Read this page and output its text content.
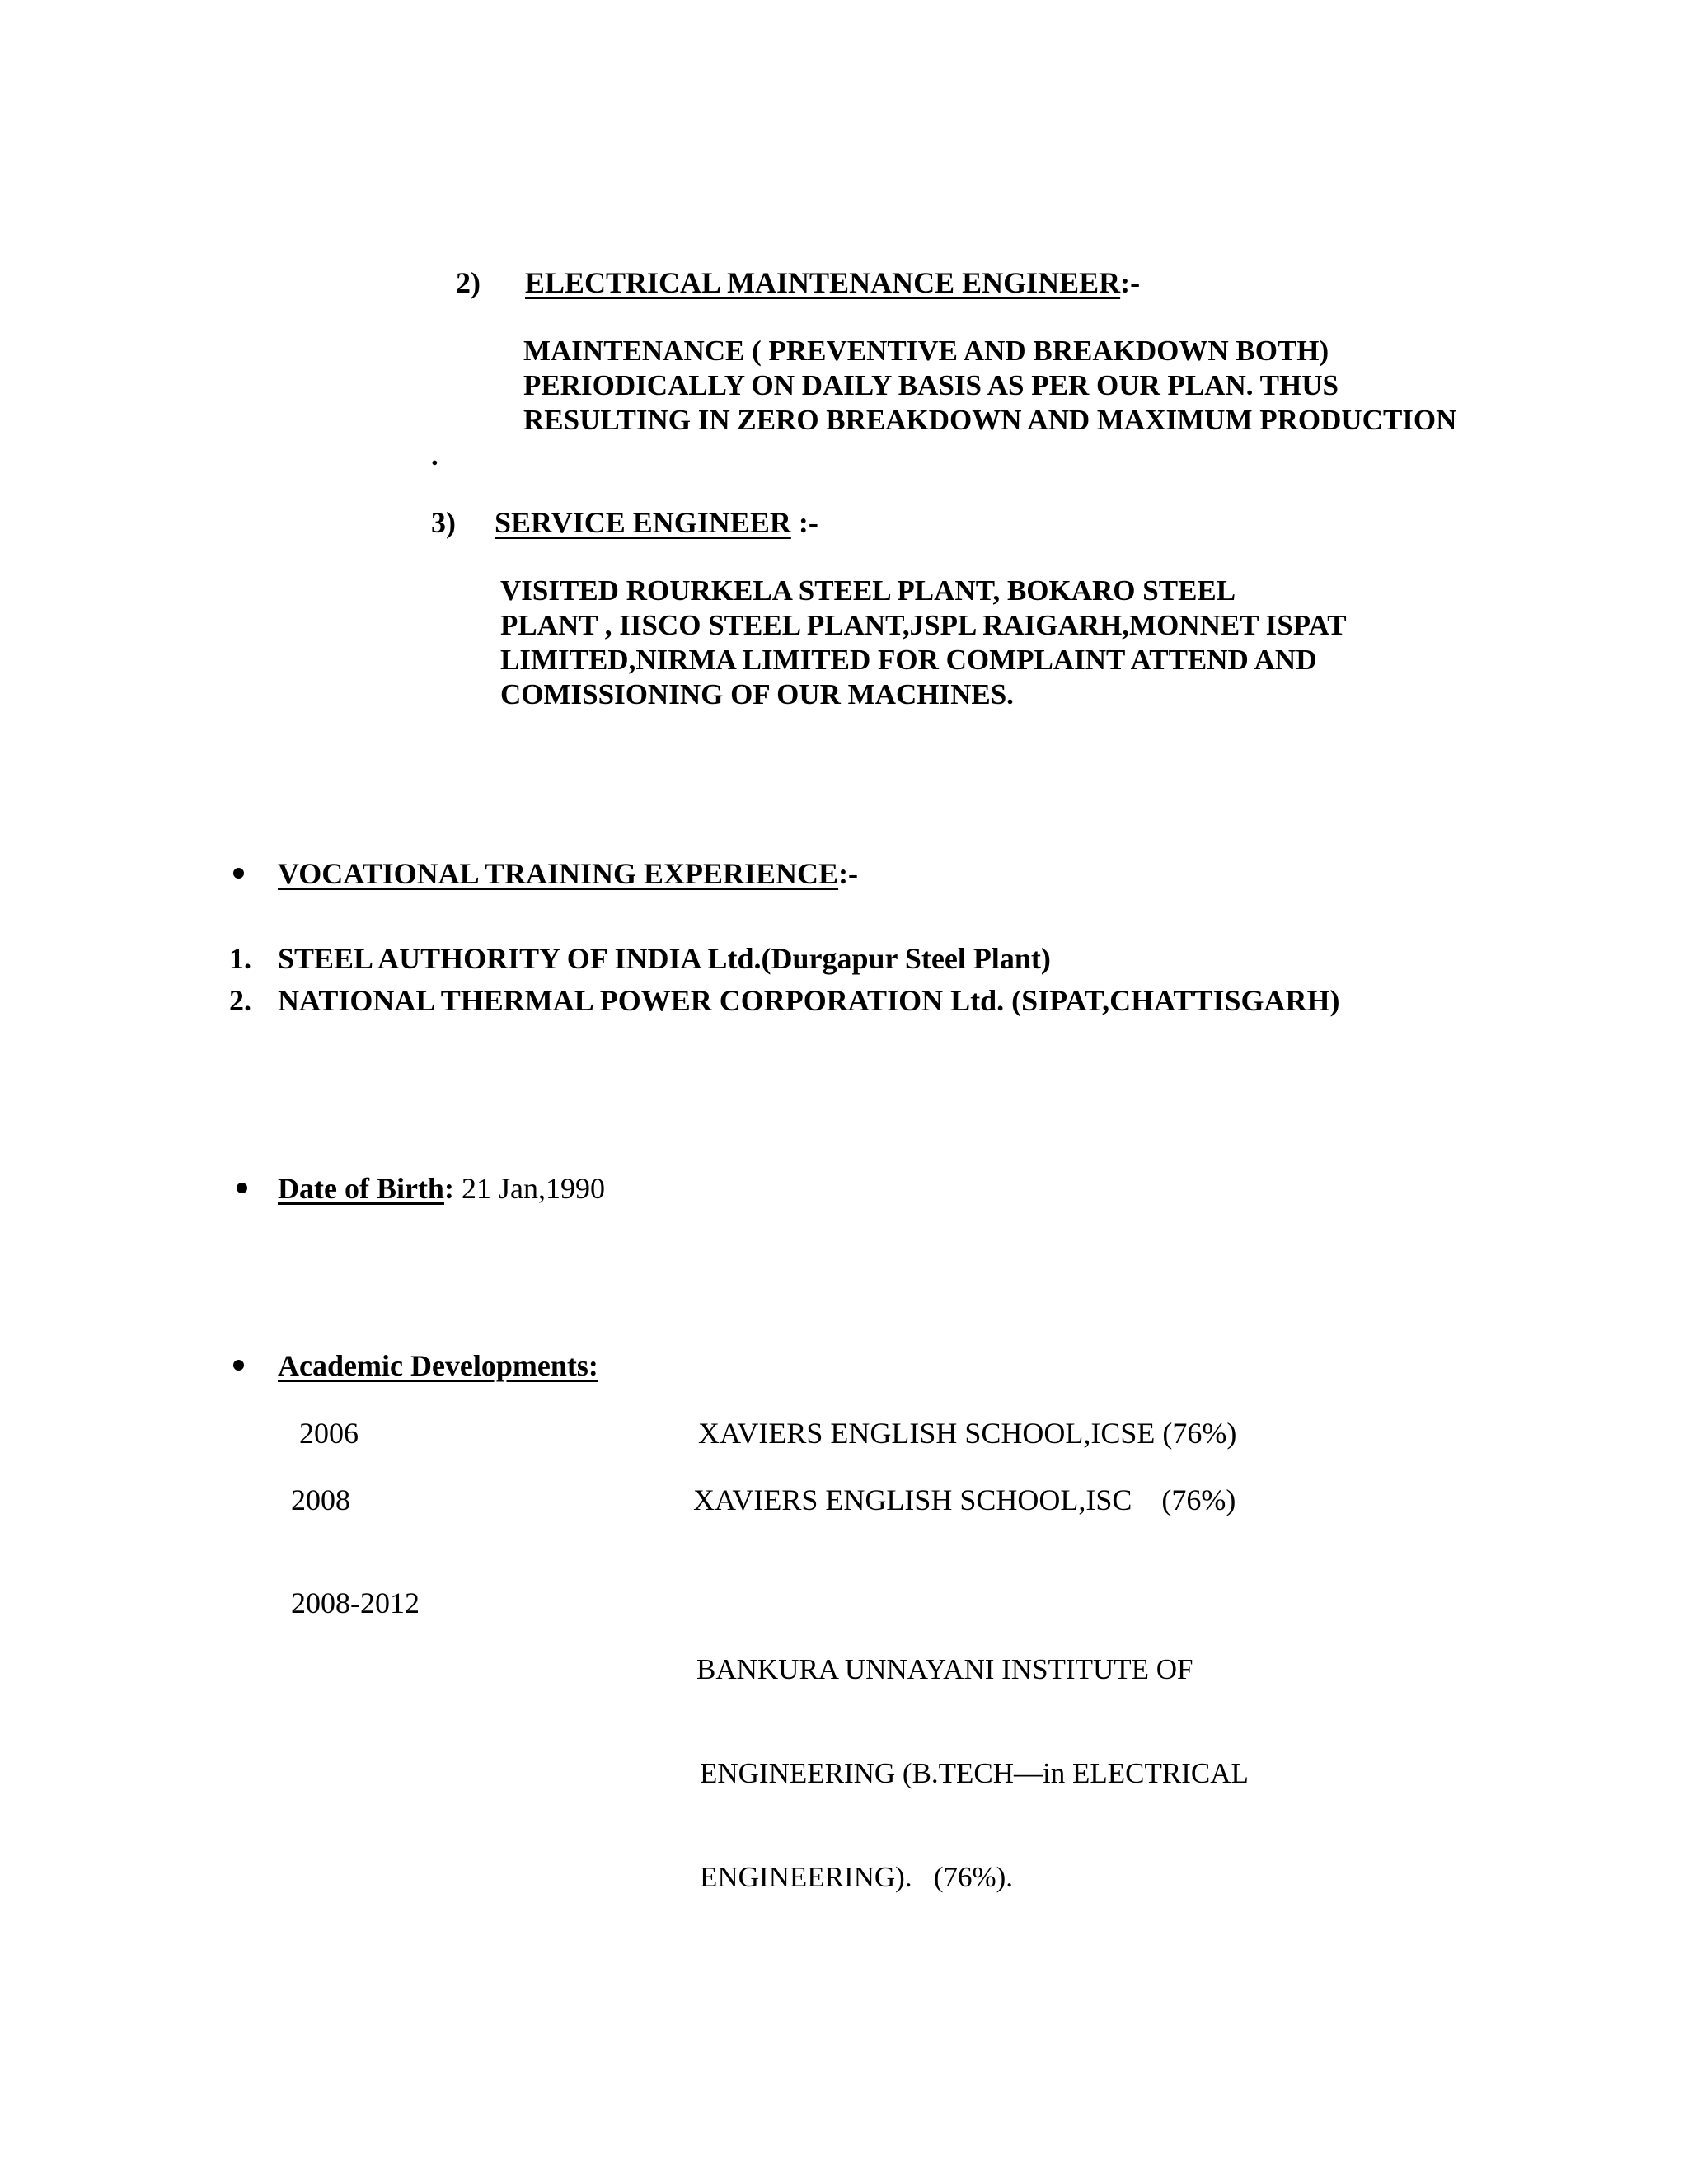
2) ELECTRICAL MAINTENANCE ENGINEER:-
MAINTENANCE ( PREVENTIVE AND BREAKDOWN BOTH)
PERIODICALLY ON DAILY BASIS AS PER OUR PLAN. THUS
RESULTING IN ZERO BREAKDOWN AND MAXIMUM PRODUCTION
.
3) SERVICE ENGINEER :-
VISITED ROURKELA STEEL PLANT, BOKARO STEEL
PLANT , IISCO STEEL PLANT,JSPL RAIGARH,MONNET ISPAT
LIMITED,NIRMA LIMITED FOR COMPLAINT ATTEND AND
COMISSIONING OF OUR MACHINES.
VOCATIONAL TRAINING EXPERIENCE:-
1. STEEL AUTHORITY OF INDIA Ltd.(Durgapur Steel Plant)
2. NATIONAL THERMAL POWER CORPORATION Ltd. (SIPAT,CHATTISGARH)
Date of Birth: 21 Jan,1990
Academic Developments:
2006	XAVIERS ENGLISH SCHOOL,ICSE (76%)
2008	XAVIERS ENGLISH SCHOOL,ISC    (76%)
2008-2012

BANKURA UNNAYANI INSTITUTE OF

ENGINEERING (B.TECH—in ELECTRICAL

ENGINEERING).   (76%).
